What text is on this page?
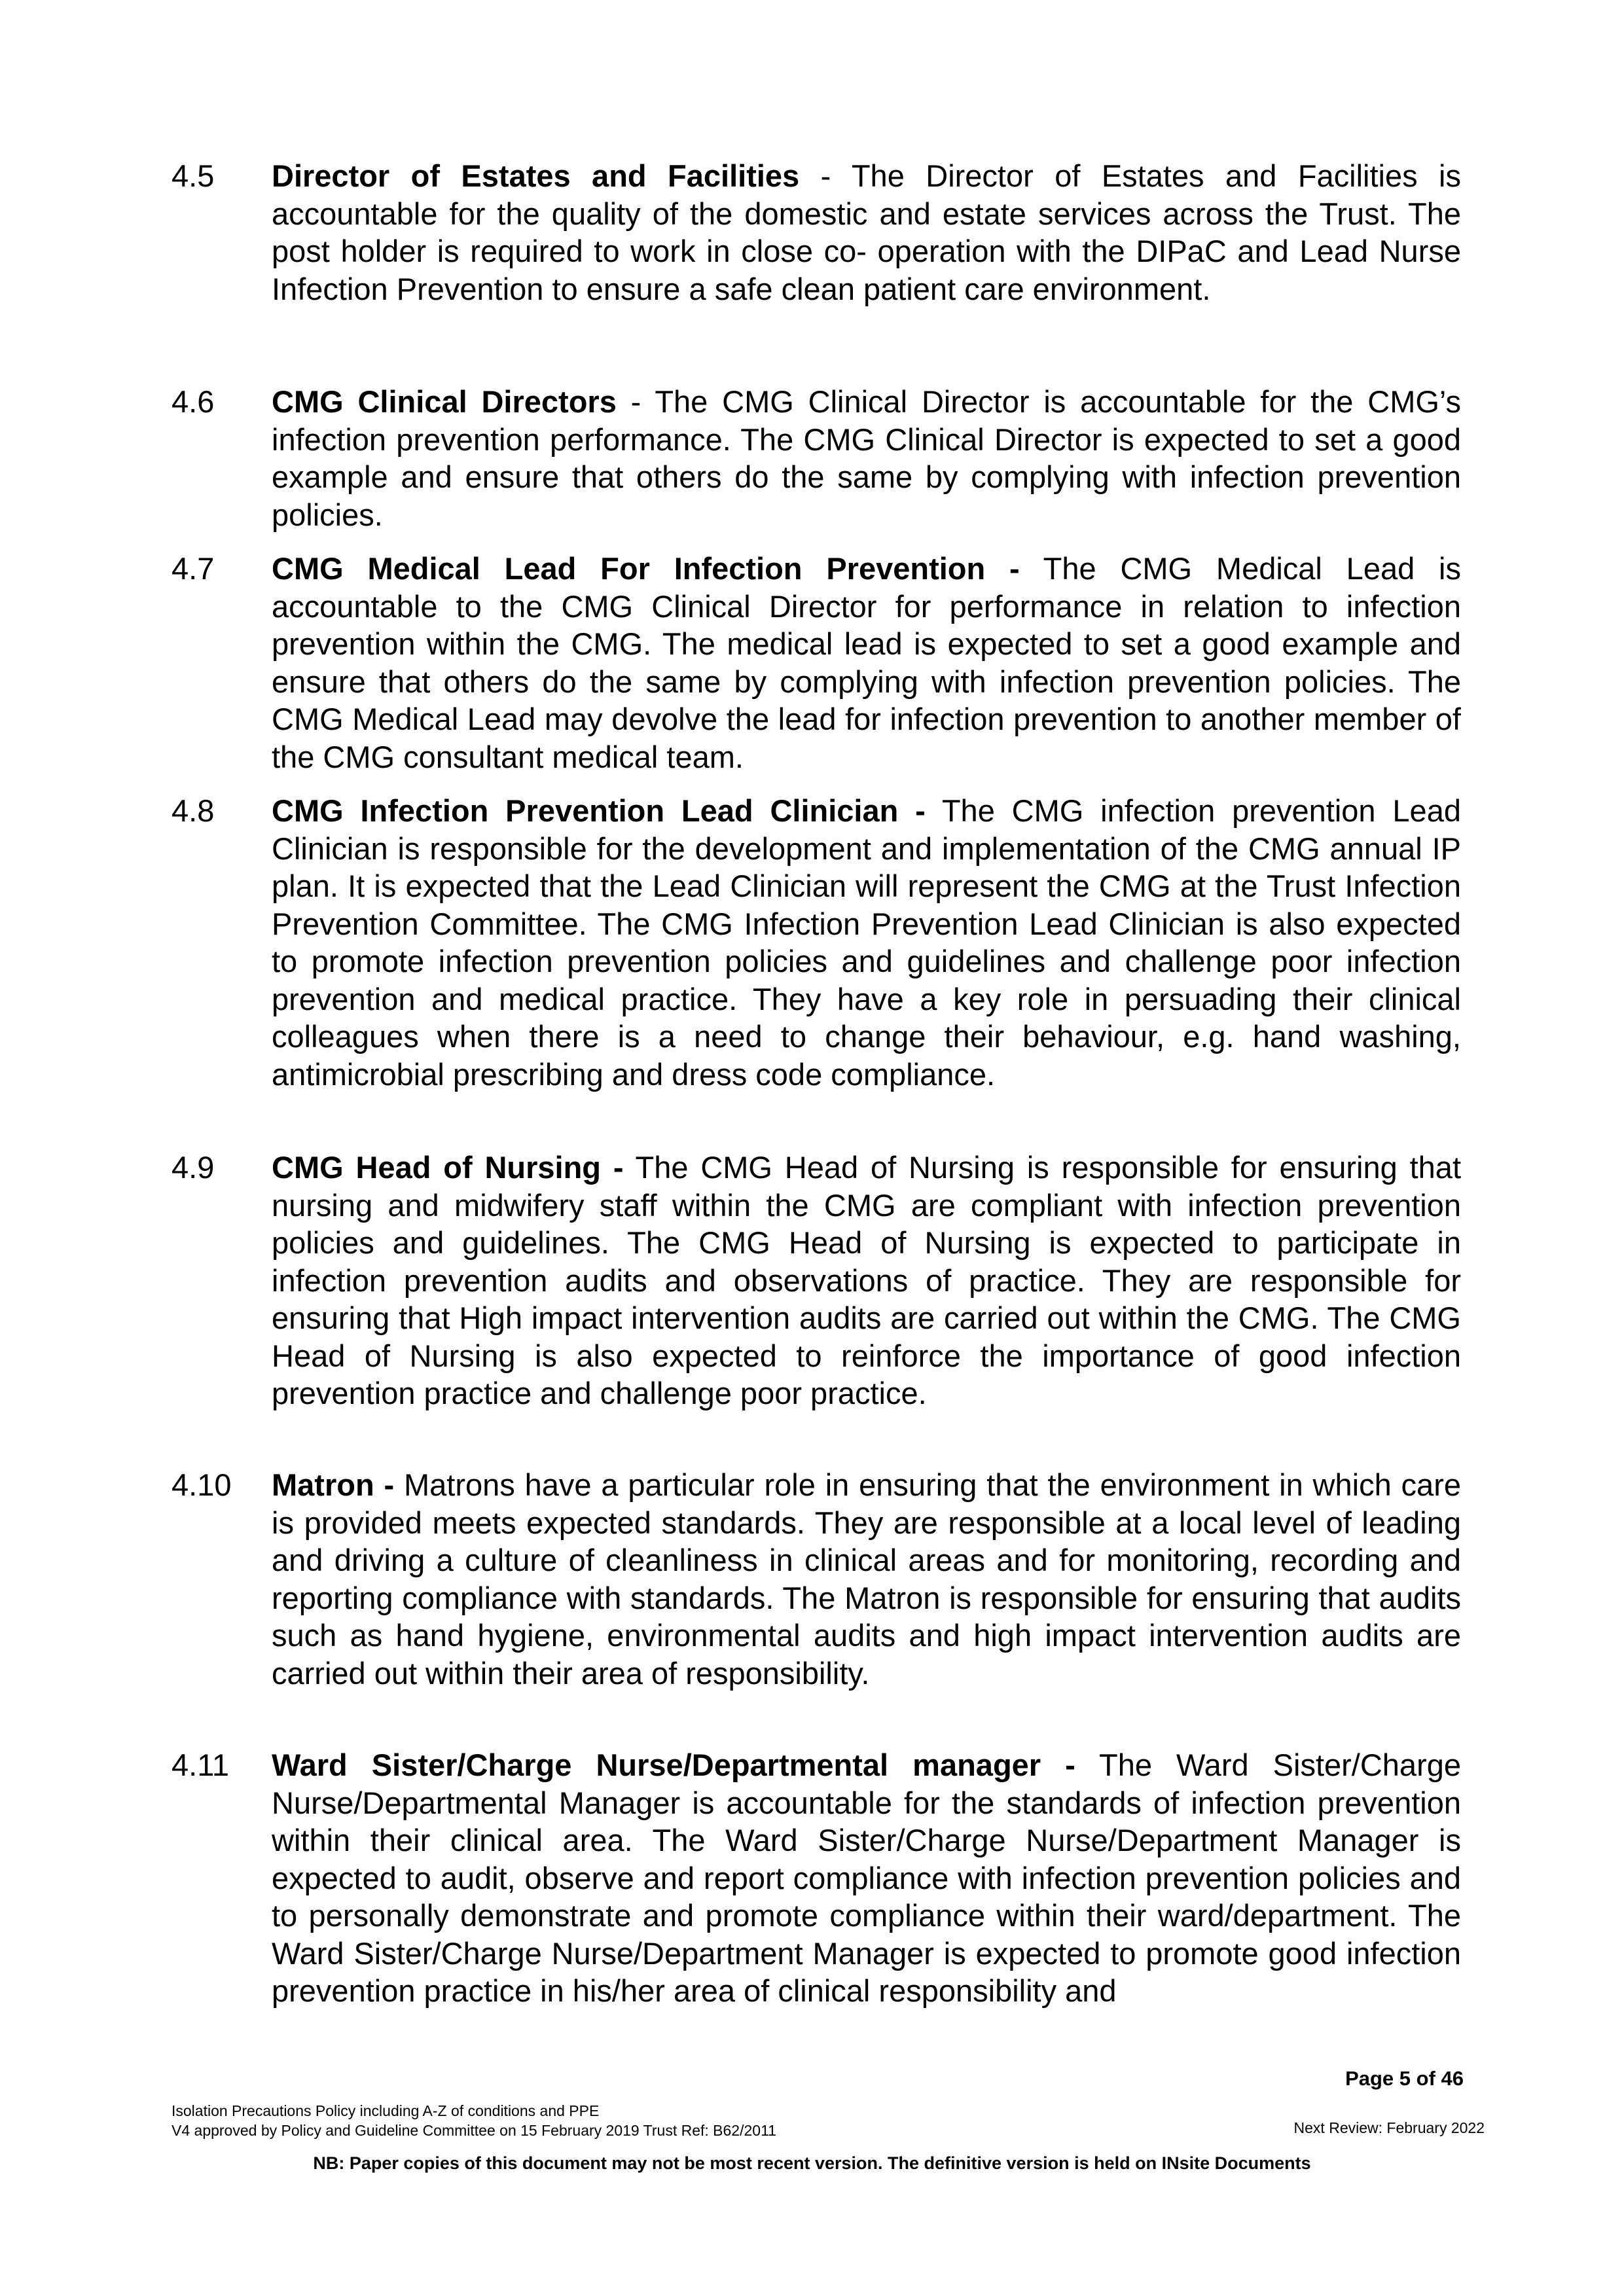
4.5	Director of Estates and Facilities - The Director of Estates and Facilities is accountable for the quality of the domestic and estate services across the Trust. The post holder is required to work in close co- operation with the DIPaC and Lead Nurse Infection Prevention to ensure a safe clean patient care environment.
4.6	CMG Clinical Directors - The CMG Clinical Director is accountable for the CMG’s infection prevention performance. The CMG Clinical Director is expected to set a good example and ensure that others do the same by complying with infection prevention policies.
4.7	CMG Medical Lead For Infection Prevention - The CMG Medical Lead is accountable to the CMG Clinical Director for performance in relation to infection prevention within the CMG. The medical lead is expected to set a good example and ensure that others do the same by complying with infection prevention policies. The CMG Medical Lead may devolve the lead for infection prevention to another member of the CMG consultant medical team.
4.8	CMG Infection Prevention Lead Clinician - The CMG infection prevention Lead Clinician is responsible for the development and implementation of the CMG annual IP plan. It is expected that the Lead Clinician will represent the CMG at the Trust Infection Prevention Committee. The CMG Infection Prevention Lead Clinician is also expected to promote infection prevention policies and guidelines and challenge poor infection prevention and medical practice. They have a key role in persuading their clinical colleagues when there is a need to change their behaviour, e.g. hand washing, antimicrobial prescribing and dress code compliance.
4.9	CMG Head of Nursing - The CMG Head of Nursing is responsible for ensuring that nursing and midwifery staff within the CMG are compliant with infection prevention policies and guidelines. The CMG Head of Nursing is expected to participate in infection prevention audits and observations of practice. They are responsible for ensuring that High impact intervention audits are carried out within the CMG. The CMG Head of Nursing is also expected to reinforce the importance of good infection prevention practice and challenge poor practice.
4.10	Matron - Matrons have a particular role in ensuring that the environment in which care is provided meets expected standards. They are responsible at a local level of leading and driving a culture of cleanliness in clinical areas and for monitoring, recording and reporting compliance with standards. The Matron is responsible for ensuring that audits such as hand hygiene, environmental audits and high impact intervention audits are carried out within their area of responsibility.
4.11	Ward Sister/Charge Nurse/Departmental manager - The Ward Sister/Charge Nurse/Departmental Manager is accountable for the standards of infection prevention within their clinical area. The Ward Sister/Charge Nurse/Department Manager is expected to audit, observe and report compliance with infection prevention policies and to personally demonstrate and promote compliance within their ward/department. The Ward Sister/Charge Nurse/Department Manager is expected to promote good infection prevention practice in his/her area of clinical responsibility and
Page 5 of 46
Isolation Precautions Policy including A-Z of conditions and PPE
V4 approved by Policy and Guideline Committee on 15 February 2019 Trust Ref: B62/2011	Next Review: February 2022
NB: Paper copies of this document may not be most recent version. The definitive version is held on INsite Documents
